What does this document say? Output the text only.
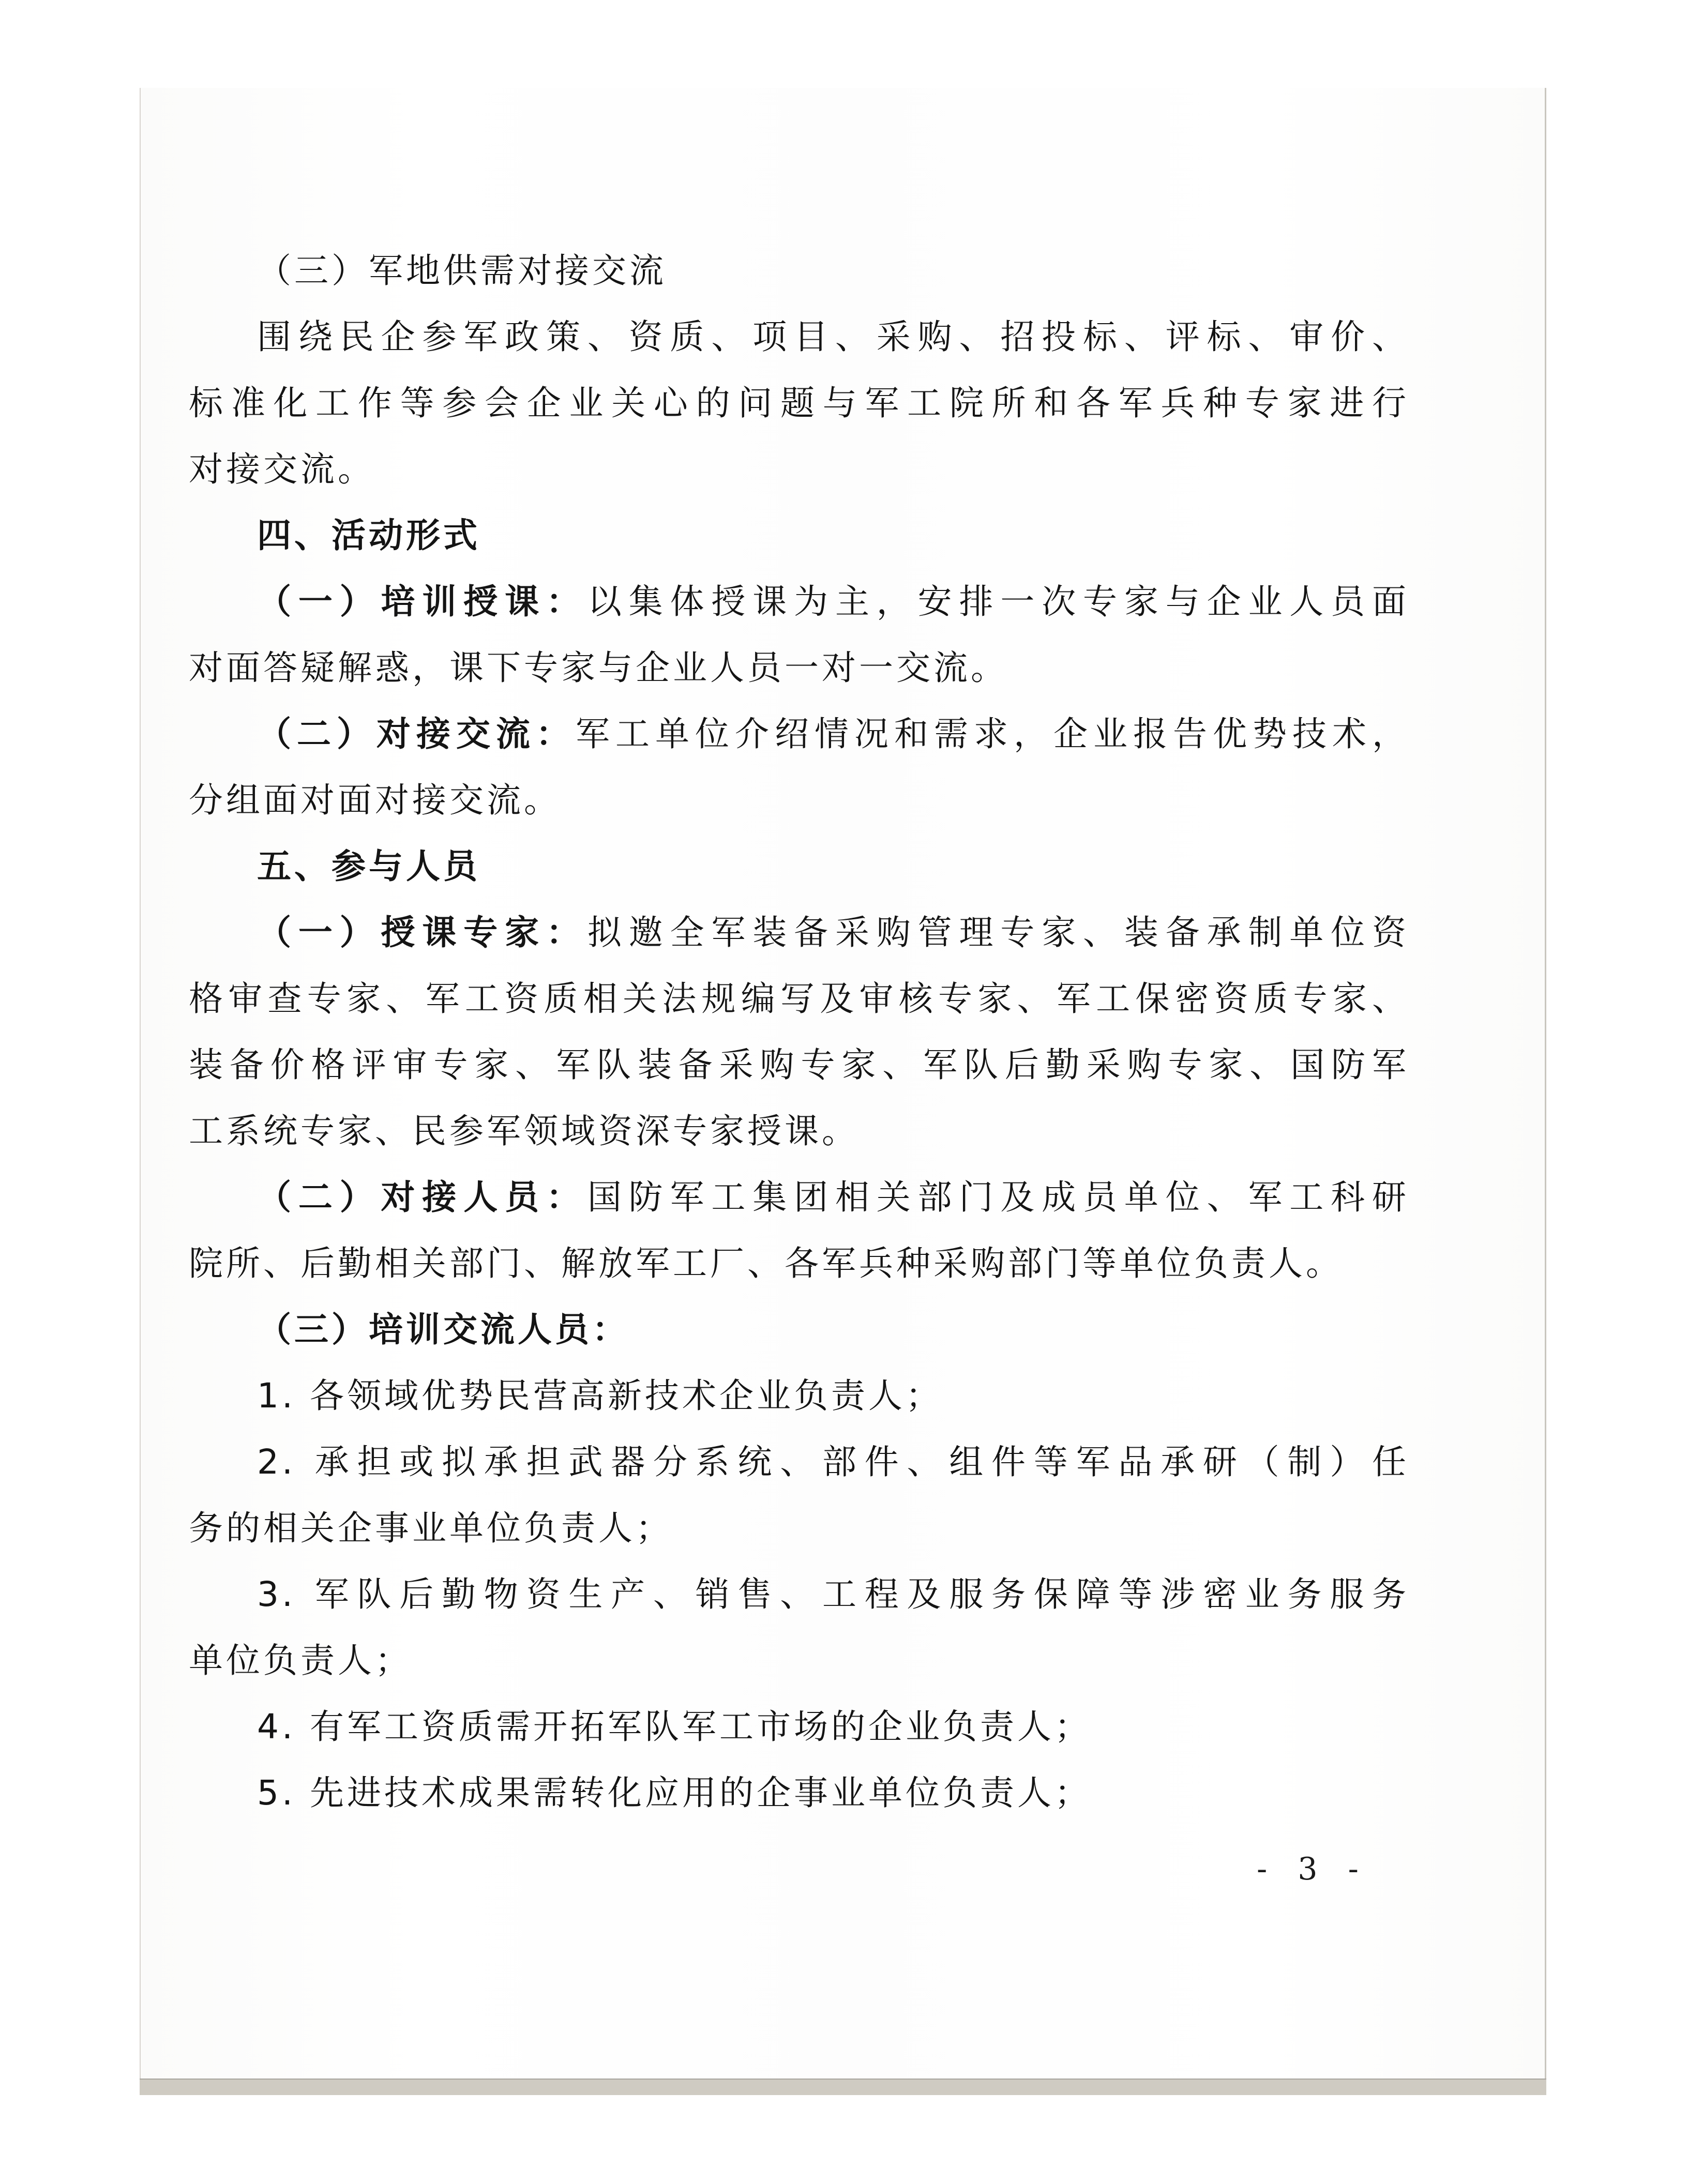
（三）军地供需对接交流
围绕民企参军政策、资质、项目、采购、招投标、评标、审价、
标准化工作等参会企业关心的问题与军工院所和各军兵种专家进行
对接交流。
四、活动形式
（一）培训授课：以集体授课为主，安排一次专家与企业人员面
对面答疑解惑，课下专家与企业人员一对一交流。
（二）对接交流：军工单位介绍情况和需求，企业报告优势技术，
分组面对面对接交流。
五、参与人员
（一）授课专家：拟邀全军装备采购管理专家、装备承制单位资
格审查专家、军工资质相关法规编写及审核专家、军工保密资质专家、
装备价格评审专家、军队装备采购专家、军队后勤采购专家、国防军
工系统专家、民参军领域资深专家授课。
（二）对接人员：国防军工集团相关部门及成员单位、军工科研
院所、后勤相关部门、解放军工厂、各军兵种采购部门等单位负责人。
（三）培训交流人员：
1. 各领域优势民营高新技术企业负责人；
2. 承担或拟承担武器分系统、部件、组件等军品承研（制）任
务的相关企事业单位负责人；
3. 军队后勤物资生产、销售、工程及服务保障等涉密业务服务
单位负责人；
4. 有军工资质需开拓军队军工市场的企业负责人；
5. 先进技术成果需转化应用的企事业单位负责人；
- 3 -
